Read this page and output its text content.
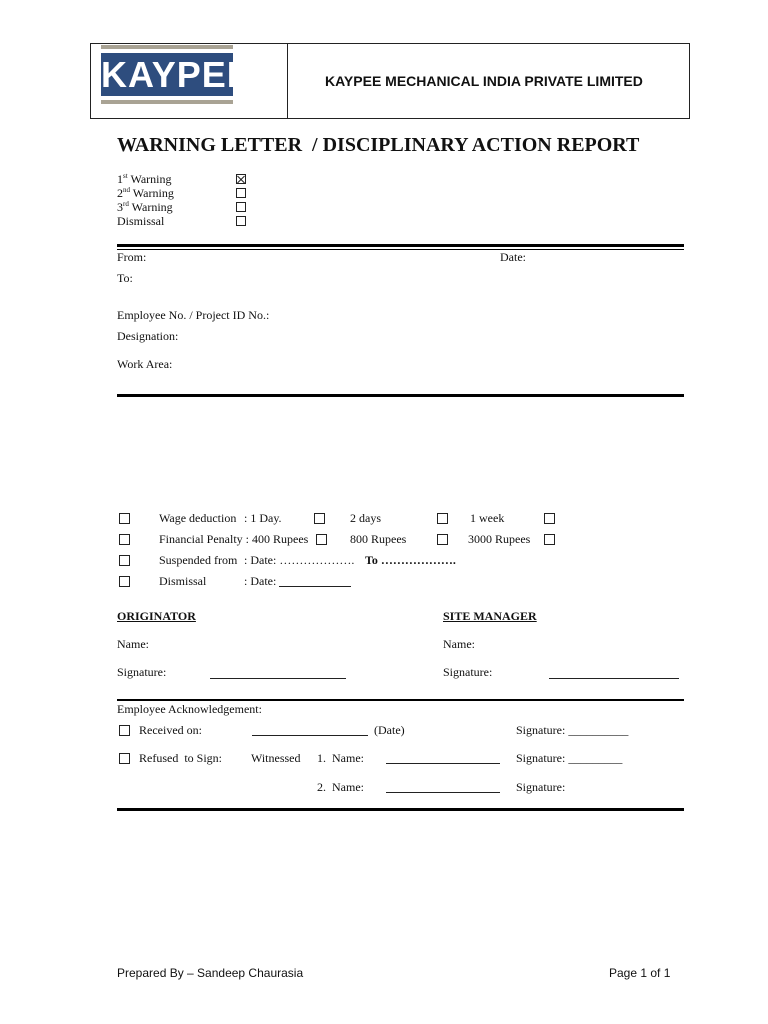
KAYPEE	KAYPEE MECHANICAL INDIA PRIVATE LIMITED
WARNING LETTER  / DISCIPLINARY ACTION REPORT
1st Warning
2nd Warning
3rd Warning
Dismissal
From:	Date:
To:
Employee No. / Project ID No.:
Designation:
Work Area:
Wage deduction : 1 Day.	2 days	1 week
Financial Penalty : 400 Rupees	800 Rupees	3000 Rupees
Suspended from : Date: ………………. To ……………….
Dismissal	: Date:
ORIGINATOR	SITE MANAGER
Name:	Name:
Signature:	Signature:
Employee Acknowledgement:
Received on:	(Date)	Signature: __________
Refused  to Sign: Witnessed 1.  Name:	Signature: _________
2.  Name:	Signature:
Prepared By – Sandeep Chaurasia	Page 1 of 1
